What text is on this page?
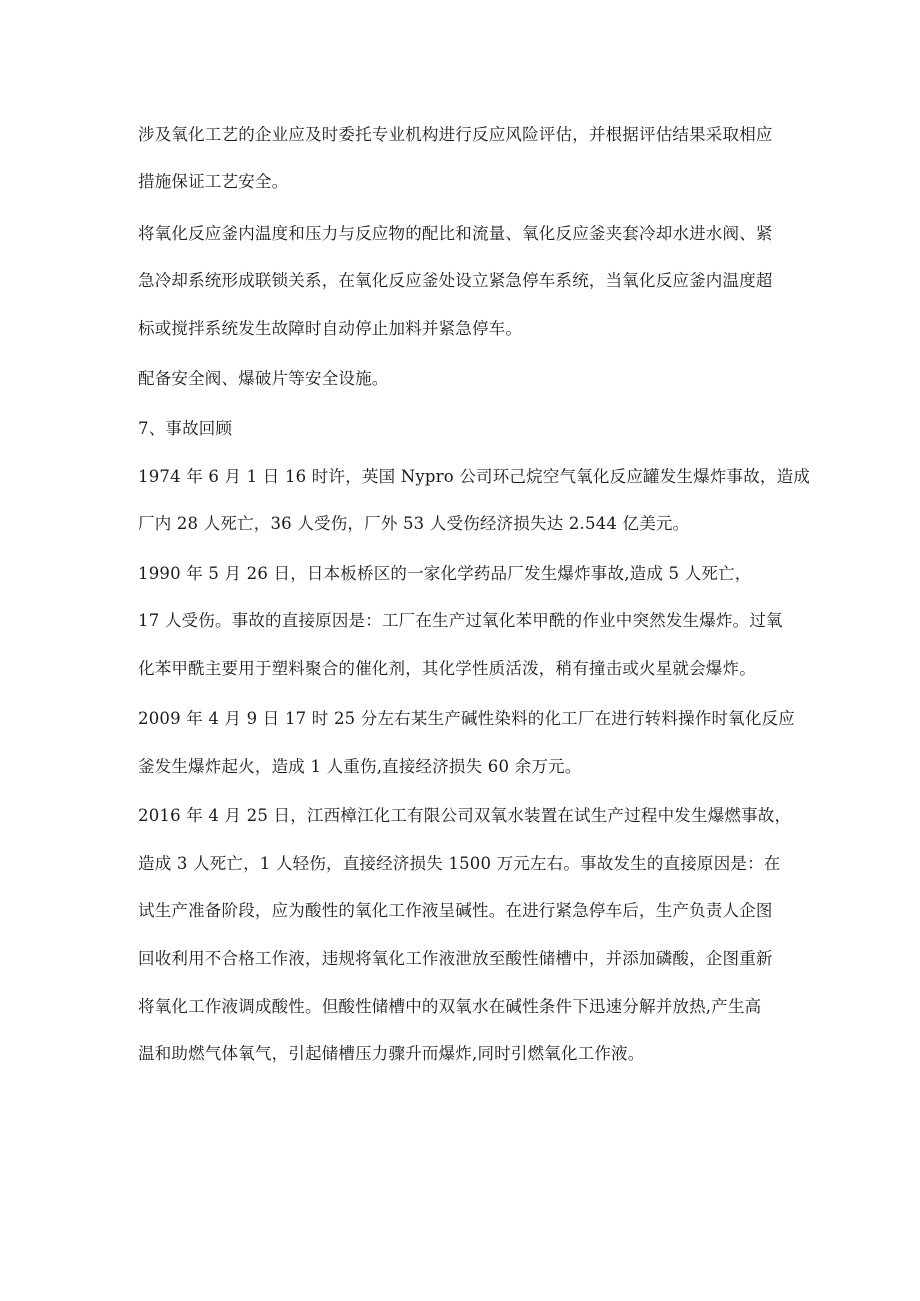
涉及氧化工艺的企业应及时委托专业机构进行反应风险评估，并根据评估结果采取相应
措施保证工艺安全。
将氧化反应釜内温度和压力与反应物的配比和流量、氧化反应釜夹套冷却水进水阀、紧
急冷却系统形成联锁关系，在氧化反应釜处设立紧急停车系统，当氧化反应釜内温度超
标或搅拌系统发生故障时自动停止加料并紧急停车。
配备安全阀、爆破片等安全设施。
7、事故回顾
1974 年 6 月 1 日 16 时许，英国 Nypro 公司环己烷空气氧化反应罐发生爆炸事故，造成
厂内 28 人死亡，36 人受伤，厂外 53 人受伤经济损失达 2.544 亿美元。
1990 年 5 月 26 日，日本板桥区的一家化学药品厂发生爆炸事故,造成 5 人死亡，
17 人受伤。事故的直接原因是：工厂在生产过氧化苯甲酰的作业中突然发生爆炸。过氧
化苯甲酰主要用于塑料聚合的催化剂，其化学性质活泼，稍有撞击或火星就会爆炸。
2009 年 4 月 9 日 17 时 25 分左右某生产碱性染料的化工厂在进行转料操作时氧化反应
釜发生爆炸起火，造成 1 人重伤,直接经济损失 60 余万元。
2016 年 4 月 25 日，江西樟江化工有限公司双氧水装置在试生产过程中发生爆燃事故，
造成 3 人死亡，1 人轻伤，直接经济损失 1500 万元左右。事故发生的直接原因是：在
试生产准备阶段，应为酸性的氧化工作液呈碱性。在进行紧急停车后，生产负责人企图
回收利用不合格工作液，违规将氧化工作液泄放至酸性储槽中，并添加磷酸，企图重新
将氧化工作液调成酸性。但酸性储槽中的双氧水在碱性条件下迅速分解并放热,产生高
温和助燃气体氧气，引起储槽压力骤升而爆炸,同时引燃氧化工作液。
